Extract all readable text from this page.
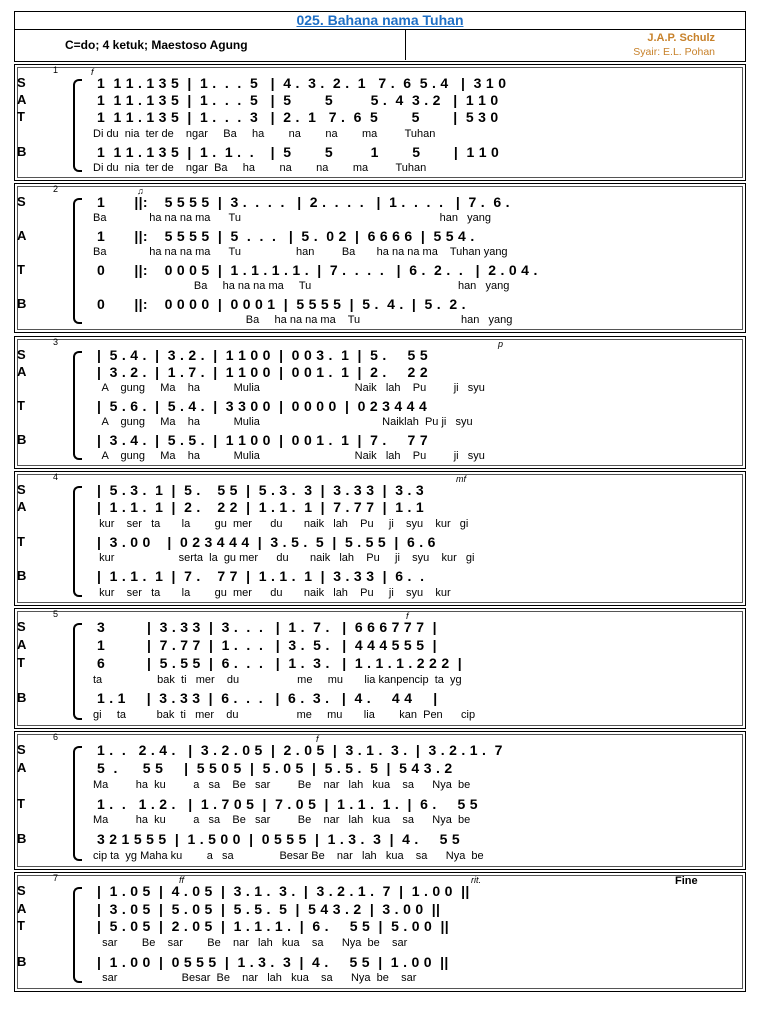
025. Bahana nama Tuhan
C=do; 4 ketuk; Maestoso Agung	J.A.P. Schulz
Syair: E.L. Pohan
1	f
S	1  1 1 . 1 3 5  |  1 .  .  .  5   |  4 .  3 .  2 .  1   7 .  6  5 . 4   |  3 1 0
A	1  1 1 . 1 3 5  |  1 .  .  .  5   |  5        5         5 .  4  3 . 2   |  1 1 0
T	1  1 1 . 1 3 5  |  1 .  .  .  3   |  2 .  1   7 .  6  5        5        |  5 3 0
Di du  nia  ter de    ngar     Ba     ha        na        na        ma         Tuhan
B	1  1 1 . 1 3 5  |  1 .  1 .  .    |  5        5         1        5        |  1 1 0
Di du  nia  ter de    ngar  Ba     ha        na        na        ma         Tuhan
2	♫
S	1       ||:    5 5 5 5  |  3 .  .  .  .   |  2 .  .  .  .   |  1 .  .  .  .   |  7 .  6 .
Ba              ha na na ma      Tu                                                                 han   yang
A	1       ||:    5 5 5 5  |  5  .  .  .   |  5 .  0 2  |  6 6 6 6  |  5 5 4 .
Ba              ha na na ma      Tu                  han         Ba       ha na na ma    Tuhan yang
T	0       ||:    0 0 0 5  |  1 . 1 . 1 . 1 .  |  7 .  .  .  .   |  6 .  2 .  .   |  2 . 0 4 .
Ba     ha na na ma     Tu                                                han   yang
B	0       ||:    0 0 0 0  |  0 0 0 1  |  5 5 5 5  |  5 .  4 .  |  5 .  2 .
Ba     ha na na ma    Tu                                 han   yang
3	p
S	|  5 . 4 .  |  3 . 2 .  |  1 1 0 0  |  0 0 3 .  1  |  5 .     5 5
A	|  3 . 2 .  |  1 . 7 .  |  1 1 0 0  |  0 0 1 .  1  |  2 .     2 2
A    gung     Ma    ha           Mulia                               Naik   lah    Pu         ji   syu
T	|  5 . 6 .  |  5 . 4 .  |  3 3 0 0  |  0 0 0 0  |  0 2 3 4 4 4
A    gung     Ma    ha           Mulia                                        Naiklah  Pu ji   syu
B	|  3 . 4 .  |  5 . 5 .  |  1 1 0 0  |  0 0 1 .  1  |  7 .     7 7
A    gung     Ma    ha           Mulia                               Naik   lah    Pu         ji   syu
4	mf
S	|  5 . 3 .  1  |  5 .    5 5  |  5 . 3 .  3  |  3 . 3 3  |  3 . 3
A	|  1 . 1 .  1  |  2 .    2 2  |  1 . 1 .  1  |  7 . 7 7  |  1 . 1
kur    ser   ta       la        gu  mer      du       naik   lah    Pu     ji    syu    kur   gi
T	|  3 . 0 0    |  0 2 3 4 4 4  |  3 . 5 .  5  |  5 . 5 5  |  6 . 6
kur                     serta  la  gu mer      du       naik   lah    Pu     ji    syu    kur   gi
B	|  1 . 1 .  1  |  7 .    7 7  |  1 . 1 .  1  |  3 . 3 3  |  6 .  .
kur    ser   ta       la        gu  mer      du       naik   lah    Pu     ji    syu    kur
5	f
S	3          |  3 . 3 3  |  3 .  .  .   |  1 .  7 .   |  6 6 6 7 7 7  |
A	1          |  7 . 7 7  |  1 .  .  .   |  3 .  5 .   |  4 4 4 5 5 5  |
T	6          |  5 . 5 5  |  6 .  .  .   |  1 .  3 .   |  1 . 1 . 1 . 2 2 2  |
ta                  bak  ti   mer    du                   me     mu       lia kanpencip  ta  yg
B	1 . 1     |  3 . 3 3  |  6 .  .  .   |  6 .  3 .   |  4 .     4 4     |
gi     ta          bak  ti   mer    du                   me     mu       lia        kan  Pen      cip
6	f
S	1 .  .   2 . 4 .   |  3 . 2 . 0 5  |  2 . 0 5  |  3 . 1 .  3 .  |  3 . 2 . 1 .  7
A	5  .      5 5     |  5 5 0 5  |  5 . 0 5  |  5 . 5 .  5  |  5 4 3 . 2
Ma         ha  ku         a   sa    Be   sar         Be    nar   lah   kua    sa      Nya  be
T	1 .  .   1 . 2 .   |  1 . 7 0 5  |  7 . 0 5  |  1 . 1 .  1 .  |  6 .     5 5
Ma         ha  ku         a   sa    Be   sar         Be    nar   lah   kua    sa      Nya  be
B	3 2 1 5 5 5  |  1 . 5 0 0  |  0 5 5 5  |  1 . 3 .  3  |  4 .     5 5
cip ta  yg Maha ku        a   sa               Besar Be    nar   lah   kua    sa      Nya  be
7	ff	rit.	Fine
S	|  1 . 0 5  |  4 . 0 5  |  3 . 1 .  3 .  |  3 . 2 . 1 .  7  |  1 . 0 0  ||
A	|  3 . 0 5  |  5 . 0 5  |  5 . 5 .  5  |  5 4 3 . 2  |  3 . 0 0  ||
T	|  5 . 0 5  |  2 . 0 5  |  1 . 1 . 1 .  |  6 .     5 5  |  5 . 0 0  ||
sar        Be    sar        Be    nar   lah   kua    sa      Nya  be    sar
B	|  1 . 0 0  |  0 5 5 5  |  1 . 3 .  3  |  4 .     5 5  |  1 . 0 0  ||
sar                     Besar  Be    nar   lah   kua    sa      Nya  be    sar
